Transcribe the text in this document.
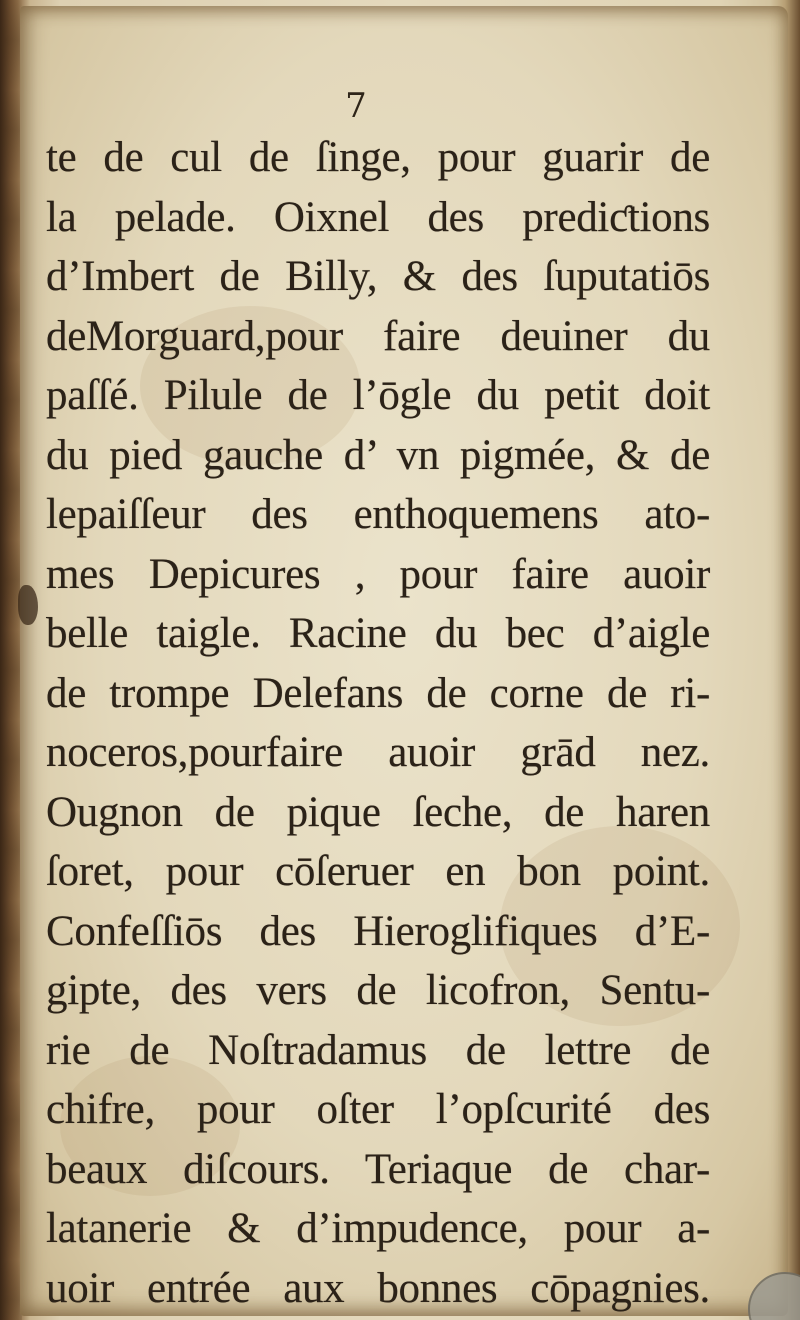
7
te de cul de ſinge, pour guarir de
la pelade. Oixnel des prediƈtions
d’Imbert de Billy, & des ſuputatiōs
deMorguard,pour faire deuiner du
paſſé. Pilule de l’ōgle du petit doit
du pied gauche d’ vn pigmée, & de
lepaiſſeur des enthoquemens ato-
mes Depicures , pour faire auoir
belle taigle. Racine du bec d’aigle
de trompe Delefans de corne de ri-
noceros,pourfaire auoir grād nez.
Ougnon de pique ſeche, de haren
ſoret, pour cōſeruer en bon point.
Confeſſiōs des Hieroglifiques d’E-
gipte, des vers de licofron, Sentu-
rie de Noſtradamus de lettre de
chifre, pour oſter l’opſcurité des
beaux diſcours. Teriaque de char-
latanerie & d’impudence, pour a-
uoir entrée aux bonnes cōpagnies.
